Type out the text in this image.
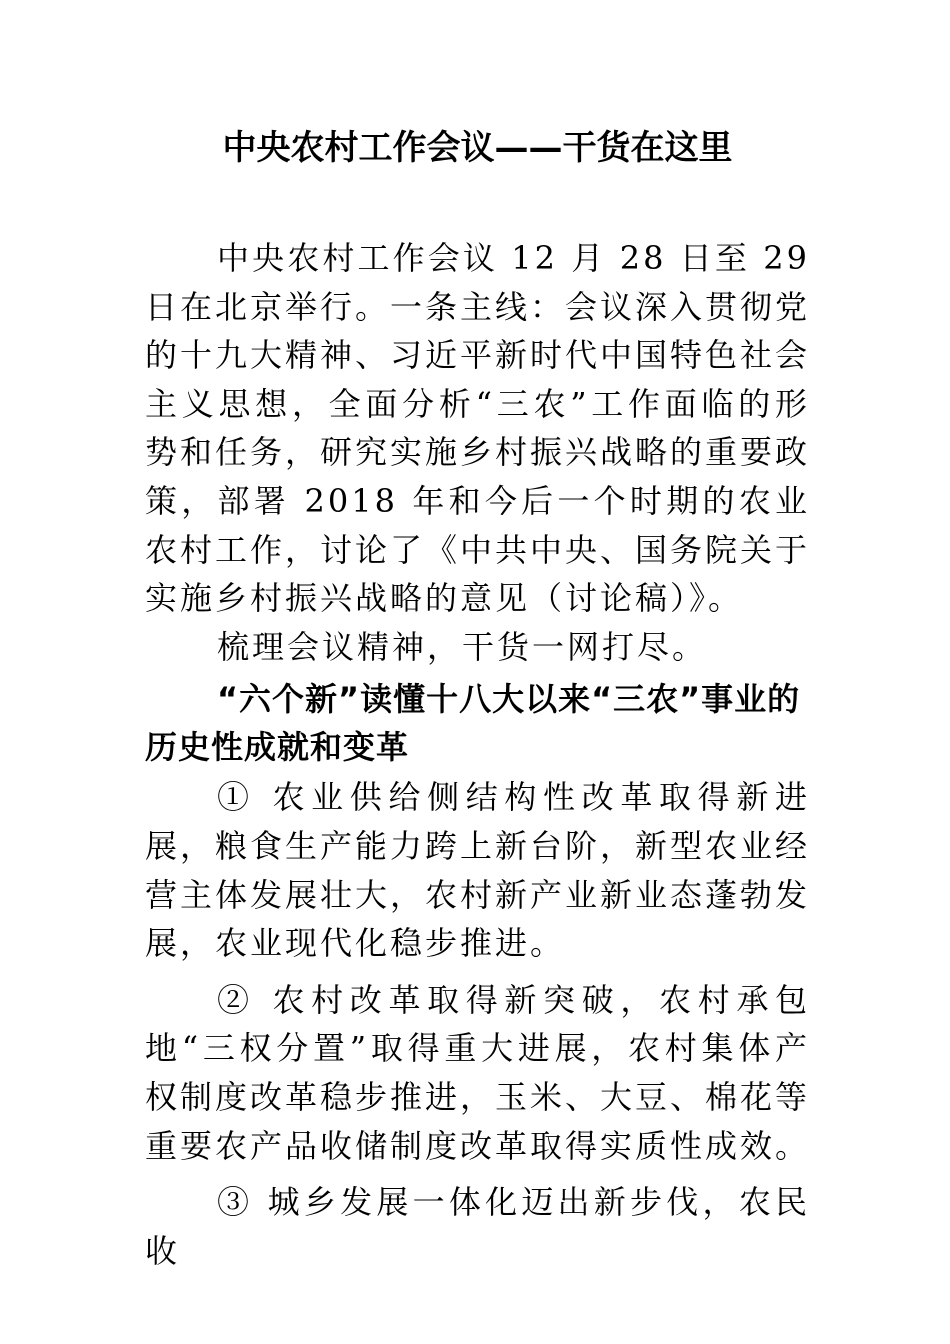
中央农村工作会议——干货在这里

中央农村工作会议 12 月 28 日至 29 日在北京举行。一条主线：会议深入贯彻党的十九大精神、习近平新时代中国特色社会主义思想，全面分析“三农”工作面临的形势和任务，研究实施乡村振兴战略的重要政策，部署 2018 年和今后一个时期的农业农村工作，讨论了《中共中央、国务院关于实施乡村振兴战略的意见（讨论稿）》。

梳理会议精神，干货一网打尽。

“六个新”读懂十八大以来“三农”事业的历史性成就和变革

① 农业供给侧结构性改革取得新进展，粮食生产能力跨上新台阶，新型农业经营主体发展壮大，农村新产业新业态蓬勃发展，农业现代化稳步推进。

② 农村改革取得新突破，农村承包地“三权分置”取得重大进展，农村集体产权制度改革稳步推进，玉米、大豆、棉花等重要农产品收储制度改革取得实质性成效。

③ 城乡发展一体化迈出新步伐，农民收
